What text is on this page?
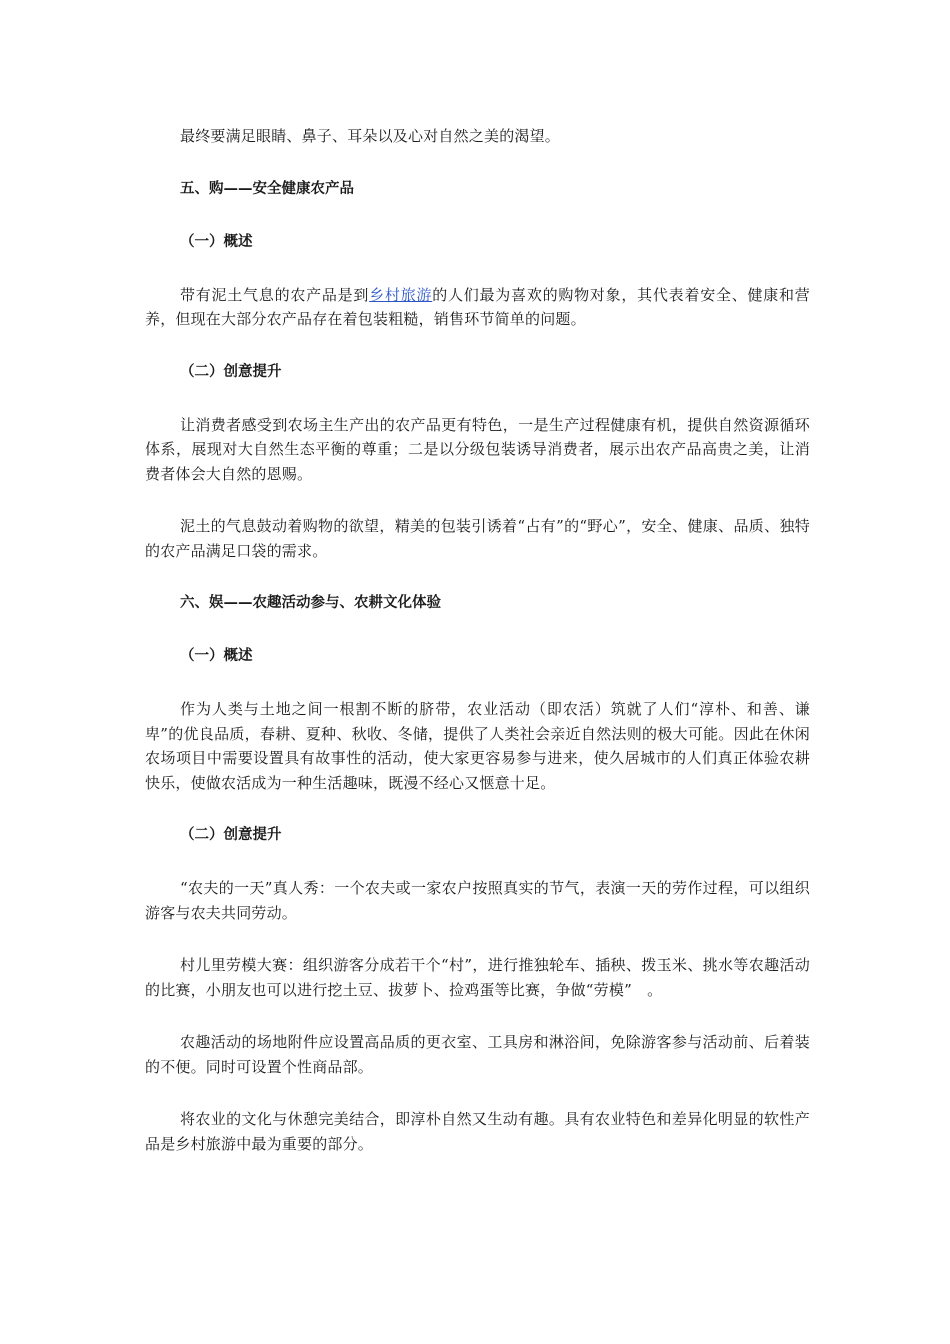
最终要满足眼睛、鼻子、耳朵以及心对自然之美的渴望。

五、购——安全健康农产品

（一）概述

带有泥土气息的农产品是到乡村旅游的人们最为喜欢的购物对象，其代表着安全、健康和营养，但现在大部分农产品存在着包装粗糙，销售环节简单的问题。

（二）创意提升

让消费者感受到农场主生产出的农产品更有特色，一是生产过程健康有机，提供自然资源循环体系，展现对大自然生态平衡的尊重；二是以分级包装诱导消费者，展示出农产品高贵之美，让消费者体会大自然的恩赐。

泥土的气息鼓动着购物的欲望，精美的包装引诱着“占有”的“野心”，安全、健康、品质、独特的农产品满足口袋的需求。

六、娱——农趣活动参与、农耕文化体验

（一）概述

作为人类与土地之间一根割不断的脐带，农业活动（即农活）筑就了人们“淳朴、和善、谦卑”的优良品质，春耕、夏种、秋收、冬储，提供了人类社会亲近自然法则的极大可能。因此在休闲农场项目中需要设置具有故事性的活动，使大家更容易参与进来，使久居城市的人们真正体验农耕快乐，使做农活成为一种生活趣味，既漫不经心又惬意十足。

（二）创意提升

“农夫的一天”真人秀：一个农夫或一家农户按照真实的节气，表演一天的劳作过程，可以组织游客与农夫共同劳动。

村儿里劳模大赛：组织游客分成若干个“村”，进行推独轮车、插秧、拨玉米、挑水等农趣活动的比赛，小朋友也可以进行挖土豆、拔萝卜、捡鸡蛋等比赛，争做“劳模”　。

农趣活动的场地附件应设置高品质的更衣室、工具房和淋浴间，免除游客参与活动前、后着装的不便。同时可设置个性商品部。

将农业的文化与休憩完美结合，即淳朴自然又生动有趣。具有农业特色和差异化明显的软性产品是乡村旅游中最为重要的部分。
